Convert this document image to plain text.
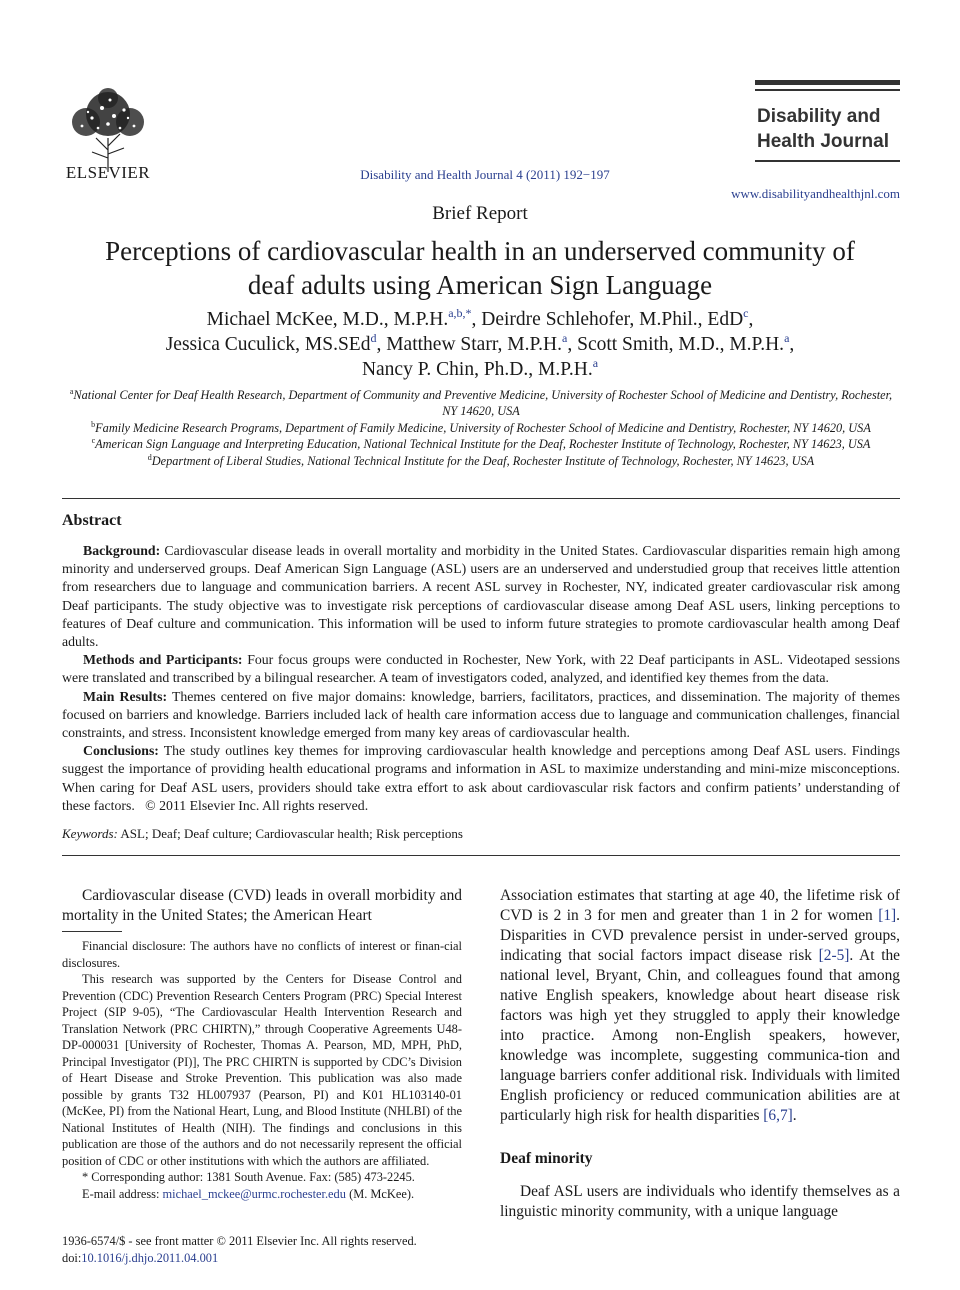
ELSEVIER	Disability and Health Journal 4 (2011) 192−197
Disability and
Health Journal
www.disabilityandhealthjnl.com
Brief Report
Perceptions of cardiovascular health in an underserved community of
deaf adults using American Sign Language
Michael McKee, M.D., M.P.H.$^{a,b,*}$, Deirdre Schlehofer, M.Phil., EdD$^c$,
Jessica Cuculick, MS.SEd$^d$, Matthew Starr, M.P.H.$^a$, Scott Smith, M.D., M.P.H.$^a$,
Nancy P. Chin, Ph.D., M.P.H.$^a$
$^a$National Center for Deaf Health Research, Department of Community and Preventive Medicine, University of Rochester School of Medicine and Dentistry, Rochester, NY 14620, USA
$^b$Family Medicine Research Programs, Department of Family Medicine, University of Rochester School of Medicine and Dentistry, Rochester, NY 14620, USA
$^c$American Sign Language and Interpreting Education, National Technical Institute for the Deaf, Rochester Institute of Technology, Rochester, NY 14623, USA
$^d$Department of Liberal Studies, National Technical Institute for the Deaf, Rochester Institute of Technology, Rochester, NY 14623, USA
Abstract

Background: Cardiovascular disease leads in overall mortality and morbidity in the United States. Cardiovascular disparities remain high among minority and underserved groups. Deaf American Sign Language (ASL) users are an underserved and understudied group that receives little attention from researchers due to language and communication barriers. A recent ASL survey in Rochester, NY, indicated greater cardiovascular risk among Deaf participants. The study objective was to investigate risk perceptions of cardiovascular disease among Deaf ASL users, linking perceptions to features of Deaf culture and communication. This information will be used to inform future strategies to promote cardiovascular health among Deaf adults.

Methods and Participants: Four focus groups were conducted in Rochester, New York, with 22 Deaf participants in ASL. Videotaped sessions were translated and transcribed by a bilingual researcher. A team of investigators coded, analyzed, and identified key themes from the data.

Main Results: Themes centered on five major domains: knowledge, barriers, facilitators, practices, and dissemination. The majority of themes focused on barriers and knowledge. Barriers included lack of health care information access due to language and communication challenges, financial constraints, and stress. Inconsistent knowledge emerged from many key areas of cardiovascular health.

Conclusions: The study outlines key themes for improving cardiovascular health knowledge and perceptions among Deaf ASL users. Findings suggest the importance of providing health educational programs and information in ASL to maximize understanding and mini-mize misconceptions. When caring for Deaf ASL users, providers should take extra effort to ask about cardiovascular risk factors and confirm patients’ understanding of these factors. © 2011 Elsevier Inc. All rights reserved.

Keywords: ASL; Deaf; Deaf culture; Cardiovascular health; Risk perceptions

Cardiovascular disease (CVD) leads in overall morbidity and mortality in the United States; the American Heart

Financial disclosure: The authors have no conflicts of interest or finan-cial disclosures.

This research was supported by the Centers for Disease Control and Prevention (CDC) Prevention Research Centers Program (PRC) Special Interest Project (SIP 9-05), “The Cardiovascular Health Intervention Research and Translation Network (PRC CHIRTN),” through Cooperative Agreements U48-DP-000031 [University of Rochester, Thomas A. Pearson, MD, MPH, PhD, Principal Investigator (PI)], The PRC CHIRTN is supported by CDC’s Division of Heart Disease and Stroke Prevention. This publication was also made possible by grants T32 HL007937 (Pearson, PI) and K01 HL103140-01 (McKee, PI) from the National Heart, Lung, and Blood Institute (NHLBI) of the National Institutes of Health (NIH). The findings and conclusions in this publication are those of the authors and do not necessarily represent the official position of CDC or other institutions with which the authors are affiliated.

* Corresponding author: 1381 South Avenue. Fax: (585) 473-2245.

E-mail address: michael_mckee@urmc.rochester.edu (M. McKee).

1936-6574/$ - see front matter © 2011 Elsevier Inc. All rights reserved.
doi:10.1016/j.dhjo.2011.04.001

Association estimates that starting at age 40, the lifetime risk of CVD is 2 in 3 for men and greater than 1 in 2 for women [1]. Disparities in CVD prevalence persist in under-served groups, indicating that social factors impact disease risk [2-5]. At the national level, Bryant, Chin, and colleagues found that among native English speakers, knowledge about heart disease risk factors was high yet they struggled to apply their knowledge into practice. Among non-English speakers, however, knowledge was incomplete, suggesting communica-tion and language barriers confer additional risk. Individuals with limited English proficiency or reduced communication abilities are at particularly high risk for health disparities [6,7].

Deaf minority

Deaf ASL users are individuals who identify themselves as a linguistic minority community, with a unique language
